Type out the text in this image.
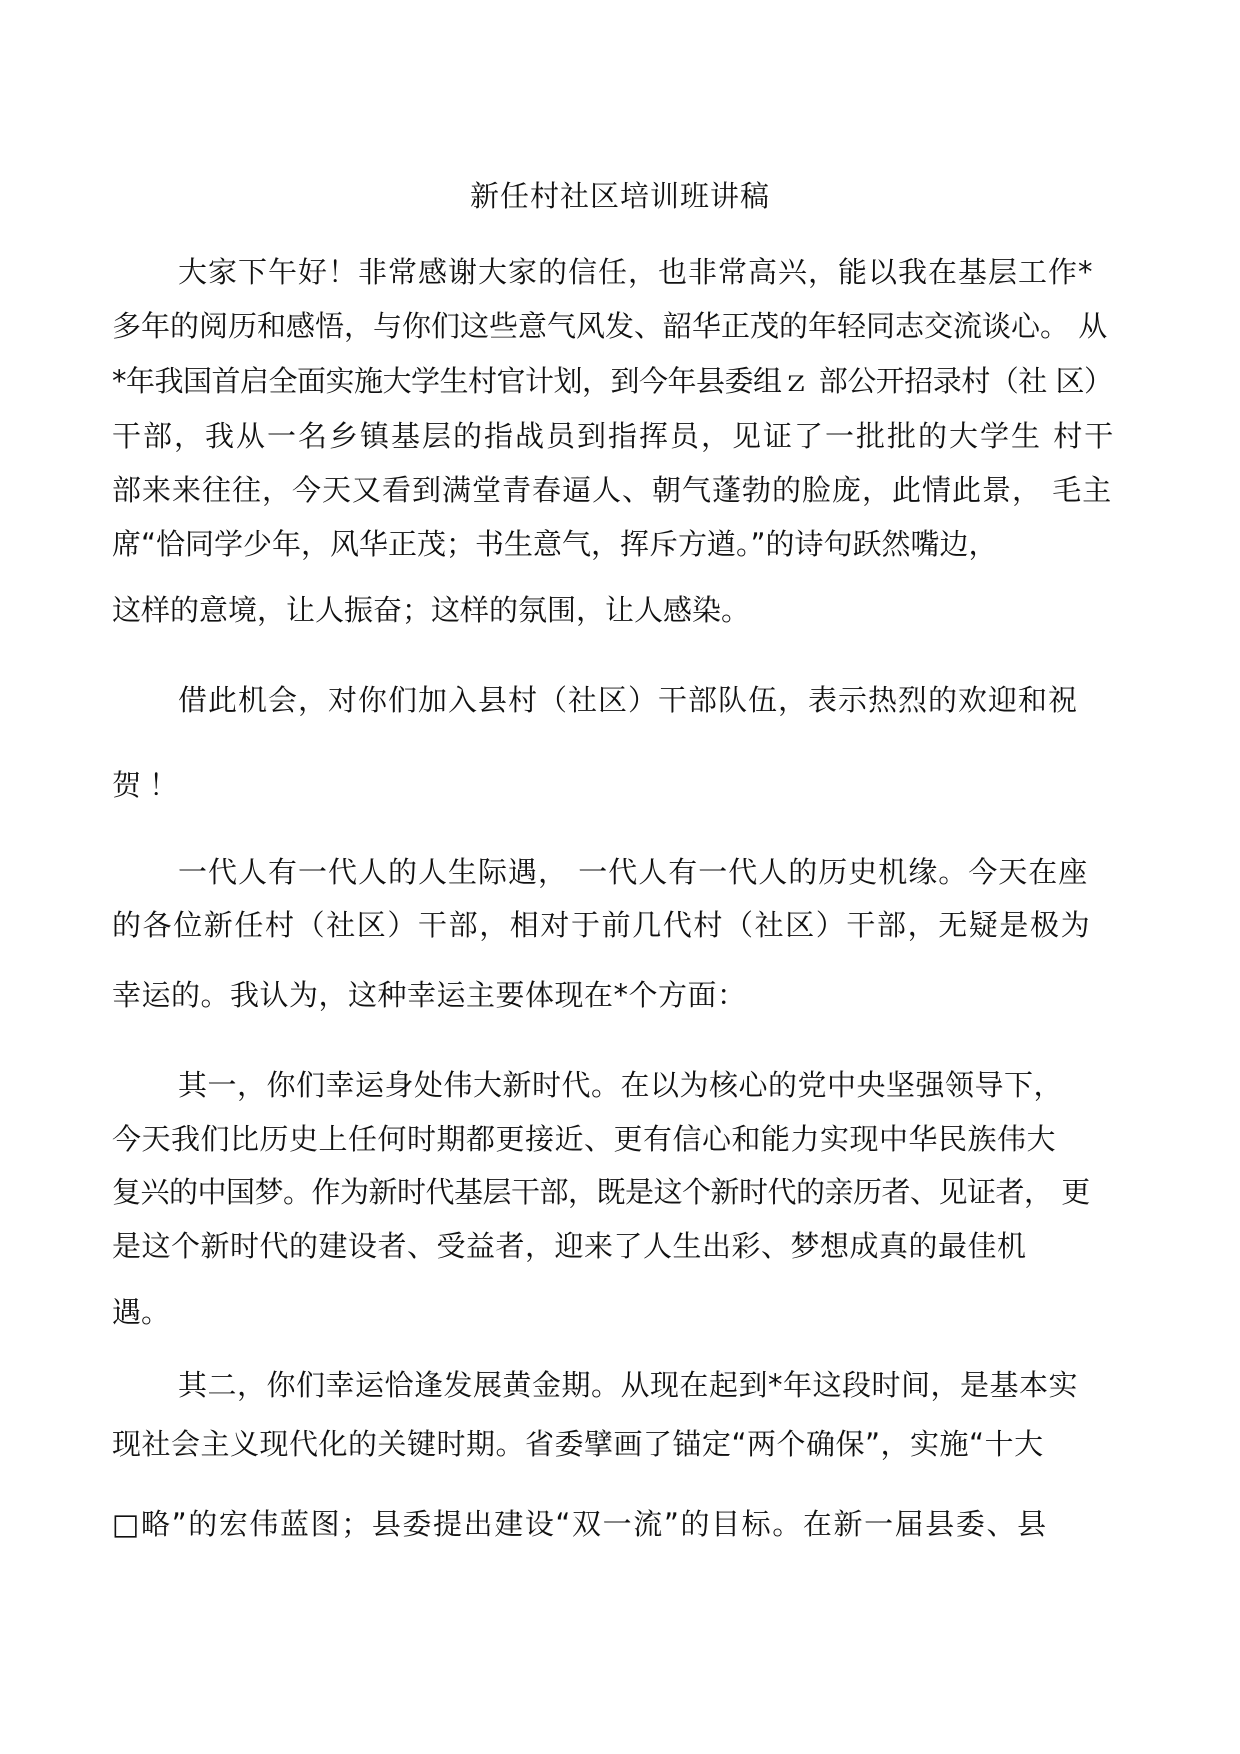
新任村社区培训班讲稿
大家下午好！非常感谢大家的信任，也非常高兴，能以我在基层工作*
多年的阅历和感悟，与你们这些意气风发、韶华正茂的年轻同志交流谈心。 从
*年我国首启全面实施大学生村官计划，到今年县委组ｚ 部公开招录村（社 区）
干部，我从一名乡镇基层的指战员到指挥员，见证了一批批的大学生 村干
部来来往往，今天又看到满堂青春逼人、朝气蓬勃的脸庞，此情此景， 毛主
席“恰同学少年，风华正茂；书生意气，挥斥方遒。”的诗句跃然嘴边，
这样的意境，让人振奋；这样的氛围，让人感染。
借此机会，对你们加入县村（社区）干部队伍，表示热烈的欢迎和祝
贺！
一代人有一代人的人生际遇， 一代人有一代人的历史机缘。今天在座
的各位新任村（社区）干部，相对于前几代村（社区）干部，无疑是极为
幸运的。我认为，这种幸运主要体现在*个方面：
其一，你们幸运身处伟大新时代。在以为核心的党中央坚强领导下，
今天我们比历史上任何时期都更接近、更有信心和能力实现中华民族伟大
复兴的中国梦。作为新时代基层干部，既是这个新时代的亲历者、见证者， 更
是这个新时代的建设者、受益者，迎来了人生出彩、梦想成真的最佳机
遇。
其二，你们幸运恰逢发展黄金期。从现在起到*年这段时间，是基本实
现社会主义现代化的关键时期。省委擘画了锚定“两个确保”，实施“十大
□略”的宏伟蓝图；县委提出建设“双一流”的目标。在新一届县委、县
